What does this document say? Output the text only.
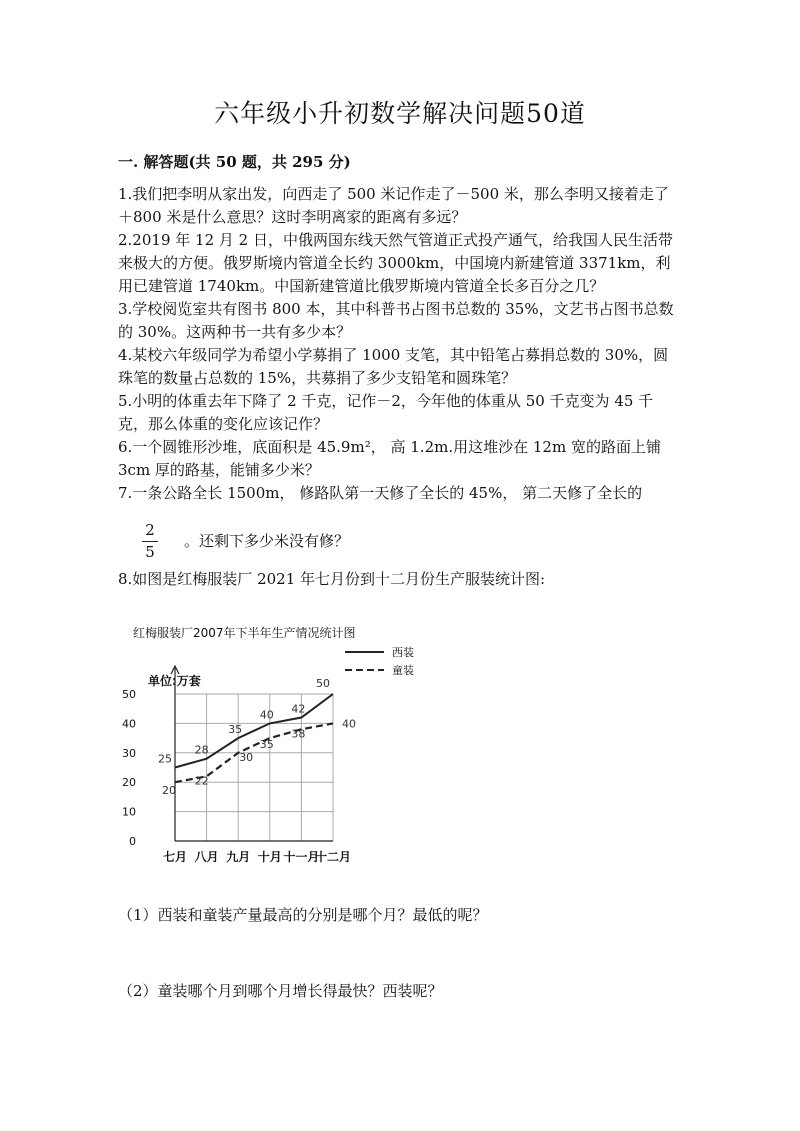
六年级小升初数学解决问题50道
一. 解答题(共 50 题，共 295 分)

1.我们把李明从家出发，向西走了 500 米记作走了－500 米，那么李明又接着走了＋800 米是什么意思？这时李明离家的距离有多远？

2.2019 年 12 月 2 日，中俄两国东线天然气管道正式投产通气，给我国人民生活带来极大的方便。俄罗斯境内管道全长约 3000km，中国境内新建管道 3371km，利用已建管道 1740km。中国新建管道比俄罗斯境内管道全长多百分之几？

3.学校阅览室共有图书 800 本，其中科普书占图书总数的 35%，文艺书占图书总数的 30%。这两种书一共有多少本？

4.某校六年级同学为希望小学募捐了 1000 支笔，其中铅笔占募捐总数的 30%，圆珠笔的数量占总数的 15%，共募捐了多少支铅笔和圆珠笔？

5.小明的体重去年下降了 2 千克，记作－2，今年他的体重从 50 千克变为 45 千克，那么体重的变化应该记作？

6.一个圆锥形沙堆，底面积是 45.9m²， 高 1.2m.用这堆沙在 12m 宽的路面上铺 3cm 厚的路基，能铺多少米？

7.一条公路全长 1500m， 修路队第一天修了全长的 45%， 第二天修了全长的

2
5
。还剩下多少米没有修？
8.如图是红梅服装厂 2021 年七月份到十二月份生产服装统计图:
红梅服装厂2007年下半年生产情况统计图
单位:万套
0
10
20
30
40
50
七月 八月 九月 十月 十一月
十二月
25
28
35
40 42
50
20
22
30
35
38
40
西装
童装
（1）西装和童装产量最高的分别是哪个月？最低的呢？
（2）童装哪个月到哪个月增长得最快？西装呢？
